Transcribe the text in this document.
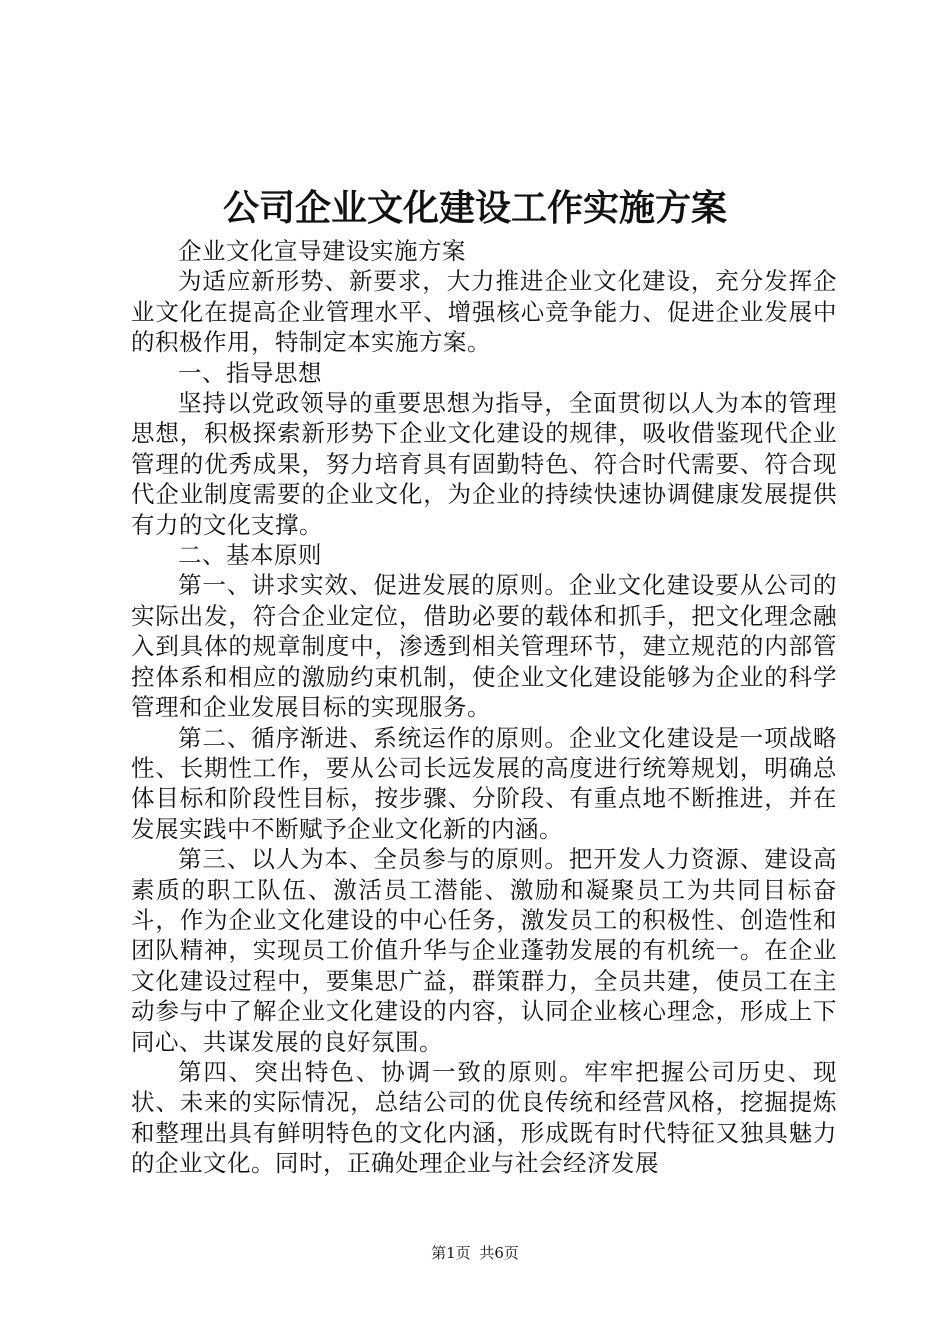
公司企业文化建设工作实施方案

企业文化宣导建设实施方案

为适应新形势、新要求，大力推进企业文化建设，充分发挥企业文化在提高企业管理水平、增强核心竞争能力、促进企业发展中的积极作用，特制定本实施方案。

一、指导思想

坚持以党政领导的重要思想为指导，全面贯彻以人为本的管理思想，积极探索新形势下企业文化建设的规律，吸收借鉴现代企业管理的优秀成果，努力培育具有固勤特色、符合时代需要、符合现代企业制度需要的企业文化，为企业的持续快速协调健康发展提供有力的文化支撑。

二、基本原则

第一、讲求实效、促进发展的原则。企业文化建设要从公司的实际出发，符合企业定位，借助必要的载体和抓手，把文化理念融入到具体的规章制度中，渗透到相关管理环节，建立规范的内部管控体系和相应的激励约束机制，使企业文化建设能够为企业的科学管理和企业发展目标的实现服务。

第二、循序渐进、系统运作的原则。企业文化建设是一项战略性、长期性工作，要从公司长远发展的高度进行统筹规划，明确总体目标和阶段性目标，按步骤、分阶段、有重点地不断推进，并在发展实践中不断赋予企业文化新的内涵。

第三、以人为本、全员参与的原则。把开发人力资源、建设高素质的职工队伍、激活员工潜能、激励和凝聚员工为共同目标奋斗，作为企业文化建设的中心任务，激发员工的积极性、创造性和团队精神，实现员工价值升华与企业蓬勃发展的有机统一。在企业文化建设过程中，要集思广益，群策群力，全员共建，使员工在主动参与中了解企业文化建设的内容，认同企业核心理念，形成上下同心、共谋发展的良好氛围。

第四、突出特色、协调一致的原则。牢牢把握公司历史、现状、未来的实际情况，总结公司的优良传统和经营风格，挖掘提炼和整理出具有鲜明特色的文化内涵，形成既有时代特征又独具魅力的企业文化。同时，正确处理企业与社会经济发展

第1页 共6页
